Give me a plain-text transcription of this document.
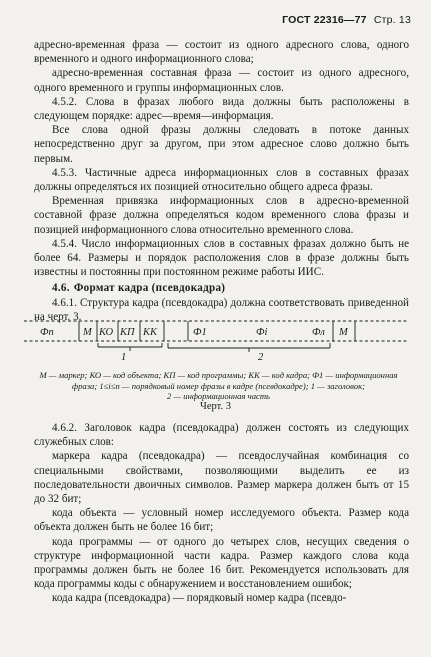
ГОСТ 22316—77 Стр. 13

адресно-временная фраза — состоит из одного адресного слова, одного временного и одного информационного слова;

адресно-временная составная фраза — состоит из одного адресного, одного временного и группы информационных слов.

4.5.2. Слова в фразах любого вида должны быть расположены в следующем порядке: адрес—время—информация.

Все слова одной фразы должны следовать в потоке данных непосредственно друг за другом, при этом адресное слово должно быть первым.

4.5.3. Частичные адреса информационных слов в составных фразах должны определяться их позицией относительно общего адреса фразы.

Временная привязка информационных слов в адресно-временной составной фразе должна определяться кодом временного слова фразы и позицией информационного слова относительно временного слова.

4.5.4. Число информационных слов в составных фразах должно быть не более 64. Размеры и порядок расположения слов в фразе должны быть известны и постоянны при постоянном режиме работы ИИС.

4.6. Формат кадра (псевдокадра)

4.6.1. Структура кадра (псевдокадра) должна соответствовать приведенной на черт. 3.

Фп	М КО КП КК	Ф1	Фi	Фл М
1	2
М — маркер; КО — код объекта; КП — код программы; КК — код кадра; Ф1 — информационная фраза; 1≤i≤п — порядковый номер фразы в кадре (псевдокадре); 1 — заголовок;
2 — информационная часть
Черт. 3

4.6.2. Заголовок кадра (псевдокадра) должен состоять из следующих служебных слов:

маркера кадра (псевдокадра) — псевдослучайная комбинация со специальными свойствами, позволяющими выделить ее из последовательности двоичных символов. Размер маркера должен быть от 15 до 32 бит;

кода объекта — условный номер исследуемого объекта. Размер кода объекта должен быть не более 16 бит;

кода программы — от одного до четырех слов, несущих сведения о структуре информационной части кадра. Размер каждого слова кода программы должен быть не более 16 бит. Рекомендуется использовать для кода программы коды с обнаружением и восстановлением ошибок;

кода кадра (псевдокадра) — порядковый номер кадра (псевдо-
